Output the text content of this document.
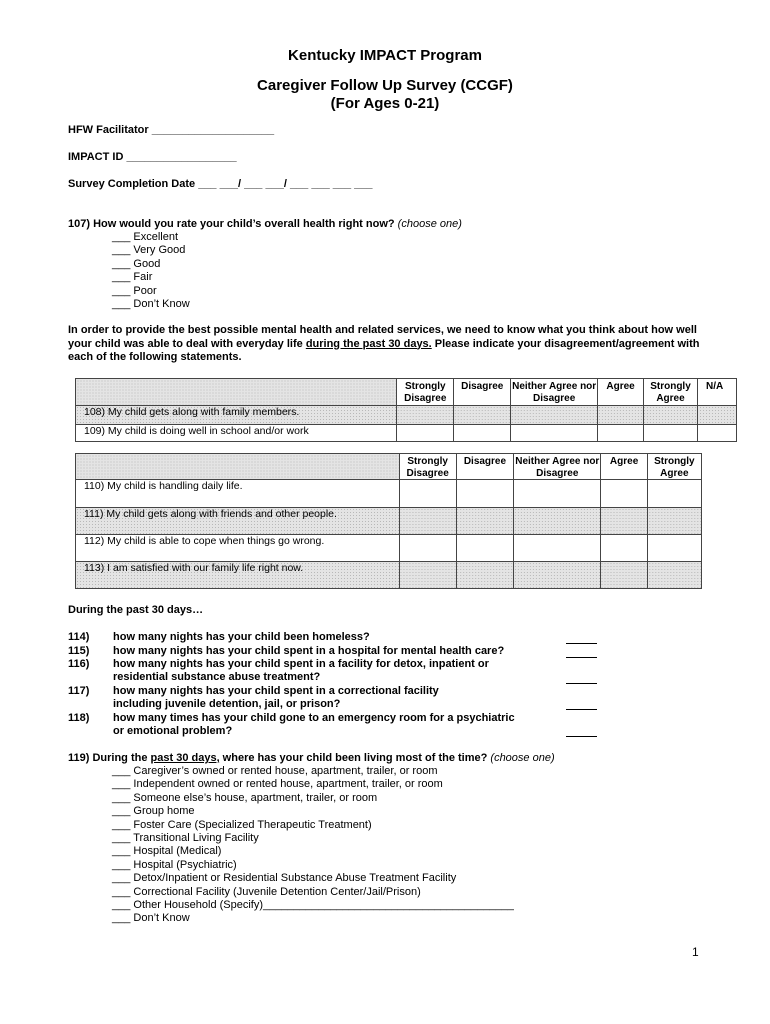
Kentucky IMPACT Program
Caregiver Follow Up Survey (CCGF)
(For Ages 0-21)
HFW Facilitator ____________________
IMPACT ID __________________
Survey Completion Date ___ ___/ ___ ___/ ___ ___ ___ ___
107) How would you rate your child’s overall health right now? (choose one)
___ Excellent
___ Very Good
___ Good
___ Fair
___ Poor
___ Don’t Know
In order to provide the best possible mental health and related services, we need to know what you think about how well your child was able to deal with everyday life during the past 30 days. Please indicate your disagreement/agreement with each of the following statements.
	Strongly Disagree	Disagree	Neither Agree nor Disagree	Agree	Strongly Agree	N/A
108) My child gets along with family members.						
109) My child is doing well in school and/or work						
	Strongly Disagree	Disagree	Neither Agree nor Disagree	Agree	Strongly Agree
110) My child is handling daily life.					
111) My child gets along with friends and other people.					
112) My child is able to cope when things go wrong.					
113) I am satisfied with our family life right now.					
During the past 30 days…
114) how many nights has your child been homeless?
115) how many nights has your child spent in a hospital for mental health care?
116) how many nights has your child spent in a facility for detox, inpatient or
residential substance abuse treatment?
117) how many nights has your child spent in a correctional facility
including juvenile detention, jail, or prison?
118) how many times has your child gone to an emergency room for a psychiatric
or emotional problem?
119) During the past 30 days, where has your child been living most of the time? (choose one)
___ Caregiver’s owned or rented house, apartment, trailer, or room
___ Independent owned or rented house, apartment, trailer, or room
___ Someone else’s house, apartment, trailer, or room
___ Group home
___ Foster Care (Specialized Therapeutic Treatment)
___ Transitional Living Facility
___ Hospital (Medical)
___ Hospital (Psychiatric)
___ Detox/Inpatient or Residential Substance Abuse Treatment Facility
___ Correctional Facility (Juvenile Detention Center/Jail/Prison)
___ Other Household (Specify)_________________________________________
___ Don’t Know
1
